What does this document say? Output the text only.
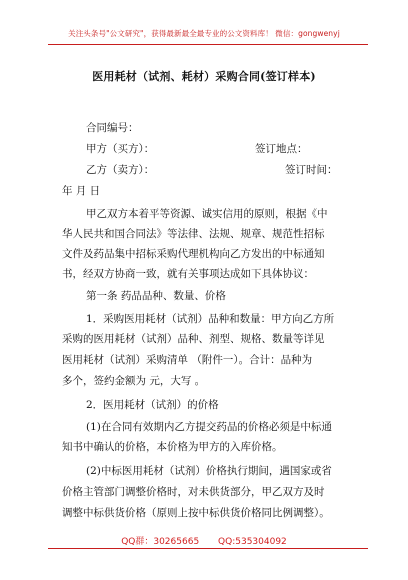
关注头条号"公文研究"，获得最新最全最专业的公文资料库！ 微信：gongwenyj
医用耗材（试剂、耗材）采购合同(签订样本)
合同编号：
甲方（买方）：	签订地点：
乙方（卖方）：	签订时间：
年 月 日
甲乙双方本着平等资源、诚实信用的原则，根据《中
华人民共和国合同法》等法律、法规、规章、规范性招标
文件及药品集中招标采购代理机构向乙方发出的中标通知
书，经双方协商一致，就有关事项达成如下具体协议：
第一条 药品品种、数量、价格
1．采购医用耗材（试剂）品种和数量：甲方向乙方所
采购的医用耗材（试剂）品种、剂型、规格、数量等详见
医用耗材（试剂）采购清单 （附件一）。合计：品种为
多个，签约金额为 元，大写 。
2．医用耗材（试剂）的价格
(1)在合同有效期内乙方提交药品的价格必须是中标通
知书中确认的价格，本价格为甲方的入库价格。
(2)中标医用耗材（试剂）价格执行期间，遇国家或省
价格主管部门调整价格时，对未供货部分，甲乙双方及时
调整中标供货价格（原则上按中标供货价格同比例调整）。
QQ群：30265665 QQ:535304092
